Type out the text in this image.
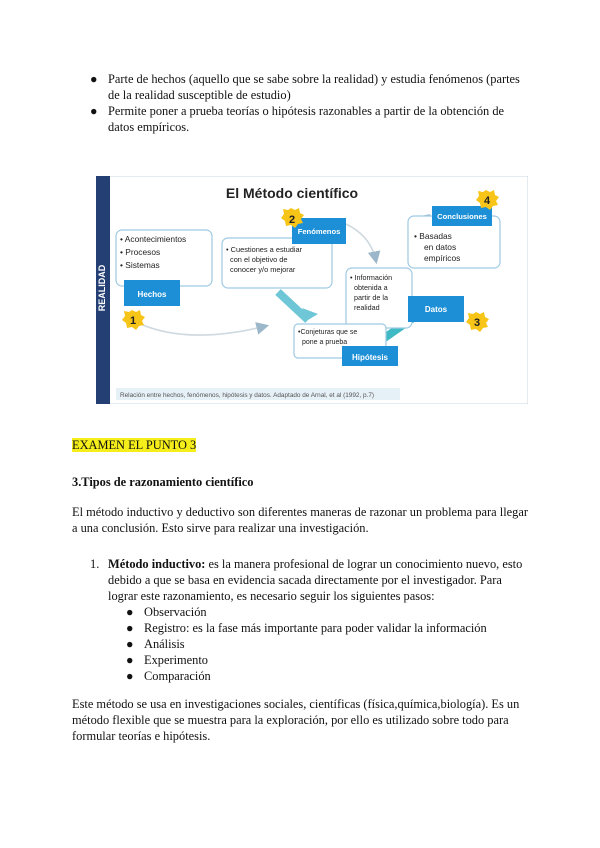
● Parte de hechos (aquello que se sabe sobre la realidad) y estudia fenómenos (partes de la realidad susceptible de estudio)
● Permite poner a prueba teorías o hipótesis razonables a partir de la obtención de datos empíricos.
REALIDAD
El Método científico
• Acontecimientos
• Procesos
• Sistemas
Hechos
• Cuestiones a estudiar con el objetivo de conocer y/o mejorar
Fenómenos
• Información obtenida a partir de la realidad	Datos
• Basadas en datos empíricos
Conclusiones
•Conjeturas que se pone a prueba
Hipótesis
1
2
3
4
Relación entre hechos, fenómenos, hipótesis y datos. Adaptado de Arnal, et al (1992, p.7)
EXAMEN EL PUNTO 3
3.Tipos de razonamiento científico
El método inductivo y deductivo son diferentes maneras de razonar un problema para llegar a una conclusión. Esto sirve para realizar una investigación.
1. Método inductivo: es la manera profesional de lograr un conocimiento nuevo, esto debido a que se basa en evidencia sacada directamente por el investigador. Para lograr este razonamiento, es necesario seguir los siguientes pasos:
● Observación
● Registro: es la fase más importante para poder validar la información
● Análisis
● Experimento
● Comparación
Este método se usa en investigaciones sociales, científicas (física,química,biología). Es un método flexible que se muestra para la exploración, por ello es utilizado sobre todo para formular teorías e hipótesis.
